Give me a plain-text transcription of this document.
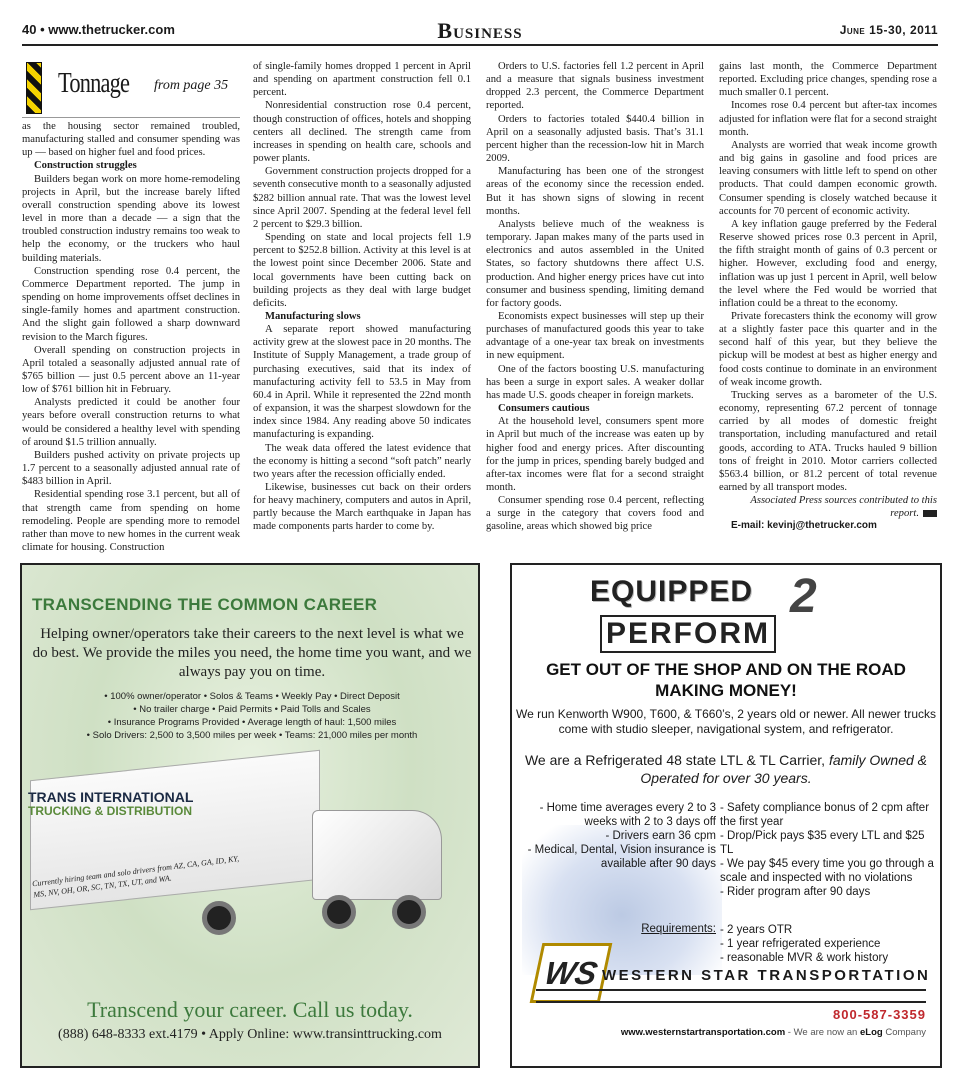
40 • www.thetrucker.com	Business	June 15-30, 2011
Tonnage from page 35

as the housing sector remained troubled, manufacturing stalled and consumer spending was up — based on higher fuel and food prices.

Construction struggles

Builders began work on more home-remodeling projects in April, but the increase barely lifted overall construction spending above its lowest level in more than a decade — a sign that the troubled construction industry remains too weak to help the economy, or the truckers who haul building materials.

Construction spending rose 0.4 percent, the Commerce Department reported. The jump in spending on home improvements offset declines in single-family homes and apartment construction. And the slight gain followed a sharp downward revision to the March figures.

Overall spending on construction projects in April totaled a seasonally adjusted annual rate of $765 billion — just 0.5 percent above an 11-year low of $761 billion hit in February.

Analysts predicted it could be another four years before overall construction returns to what would be considered a healthy level with spending of around $1.5 trillion annually.

Builders pushed activity on private projects up 1.7 percent to a seasonally adjusted annual rate of $483 billion in April.

Residential spending rose 3.1 percent, but all of that strength came from spending on home remodeling. People are spending more to remodel rather than move to new homes in the current weak climate for housing. Construction

of single-family homes dropped 1 percent in April and spending on apartment construction fell 0.1 percent.

Nonresidential construction rose 0.4 percent, though construction of offices, hotels and shopping centers all declined. The strength came from increases in spending on health care, schools and power plants.

Government construction projects dropped for a seventh consecutive month to a seasonally adjusted $282 billion annual rate. That was the lowest level since April 2007. Spending at the federal level fell 2 percent to $29.3 billion.

Spending on state and local projects fell 1.9 percent to $252.8 billion. Activity at this level is at the lowest point since December 2006. State and local governments have been cutting back on building projects as they deal with large budget deficits.

Manufacturing slows

A separate report showed manufacturing activity grew at the slowest pace in 20 months. The Institute of Supply Management, a trade group of purchasing executives, said that its index of manufacturing activity fell to 53.5 in May from 60.4 in April. While it represented the 22nd month of expansion, it was the sharpest slowdown for the index since 1984. Any reading above 50 indicates manufacturing is expanding.

The weak data offered the latest evidence that the economy is hitting a second “soft patch” nearly two years after the recession officially ended.

Likewise, businesses cut back on their orders for heavy machinery, computers and autos in April, partly because the March earthquake in Japan has made components parts harder to come by.

Orders to U.S. factories fell 1.2 percent in April and a measure that signals business investment dropped 2.3 percent, the Commerce Department reported.

Orders to factories totaled $440.4 billion in April on a seasonally adjusted basis. That’s 31.1 percent higher than the recession-low hit in March 2009.

Manufacturing has been one of the strongest areas of the economy since the recession ended. But it has shown signs of slowing in recent months.

Analysts believe much of the weakness is temporary. Japan makes many of the parts used in electronics and autos assembled in the United States, so factory shutdowns there affect U.S. production. And higher energy prices have cut into consumer and business spending, limiting demand for factory goods.

Economists expect businesses will step up their purchases of manufactured goods this year to take advantage of a one-year tax break on investments in new equipment.

One of the factors boosting U.S. manufacturing has been a surge in export sales. A weaker dollar has made U.S. goods cheaper in foreign markets.

Consumers cautious

At the household level, consumers spent more in April but much of the increase was eaten up by higher food and energy prices. After discounting for the jump in prices, spending barely budged and after-tax incomes were flat for a second straight month.

Consumer spending rose 0.4 percent, reflecting a surge in the category that covers food and gasoline, areas which showed big price

gains last month, the Commerce Department reported. Excluding price changes, spending rose a much smaller 0.1 percent.

Incomes rose 0.4 percent but after-tax incomes adjusted for inflation were flat for a second straight month.

Analysts are worried that weak income growth and big gains in gasoline and food prices are leaving consumers with little left to spend on other products. That could dampen economic growth. Consumer spending is closely watched because it accounts for 70 percent of economic activity.

A key inflation gauge preferred by the Federal Reserve showed prices rose 0.3 percent in April, the fifth straight month of gains of 0.3 percent or higher. However, excluding food and energy, inflation was up just 1 percent in April, well below the level where the Fed would be worried that inflation could be a threat to the economy.

Private forecasters think the economy will grow at a slightly faster pace this quarter and in the second half of this year, but they believe the pickup will be modest at best as higher energy and food costs continue to dominate in an environment of weak income growth.

Trucking serves as a barometer of the U.S. economy, representing 67.2 percent of tonnage carried by all modes of domestic freight transportation, including manufactured and retail goods, according to ATA. Trucks hauled 9 billion tons of freight in 2010. Motor carriers collected $563.4 billion, or 81.2 percent of total revenue earned by all transport modes.

Associated Press sources contributed to this report.

E-mail: kevinj@thetrucker.com

TRANSCENDING THE COMMON CAREER
Helping owner/operators take their careers to the next level is what we do best. We provide the miles you need, the home time you want, and we always pay you on time.
• 100% owner/operator • Solos & Teams • Weekly Pay • Direct Deposit
• No trailer charge • Paid Permits • Paid Tolls and Scales
• Insurance Programs Provided • Average length of haul: 1,500 miles
• Solo Drivers: 2,500 to 3,500 miles per week • Teams: 21,000 miles per month
TRANS INTERNATIONAL
TRUCKING & DISTRIBUTION
Currently hiring team and solo drivers from AZ, CA, GA, ID, KY, MS, NV, OH, OR, SC, TN, TX, UT, and WA.
Transcend your career. Call us today.
(888) 648-8333 ext.4179 • Apply Online: www.transinttrucking.com
EQUIPPED 2
PERFORM
GET OUT OF THE SHOP AND ON THE ROAD MAKING MONEY!
We run Kenworth W900, T600, & T660’s, 2 years old or newer. All newer trucks come with studio sleeper, navigational system, and refrigerator.
We are a Refrigerated 48 state LTL & TL Carrier, family Owned & Operated for over 30 years.
- Home time averages every 2 to 3 weeks with 2 to 3 days off
- Drivers earn 36 cpm
- Medical, Dental, Vision insurance is available after 90 days
- Safety compliance bonus of 2 cpm after the first year
- Drop/Pick pays $35 every LTL and $25 TL
- We pay $45 every time you go through a scale and inspected with no violations
- Rider program after 90 days
Requirements: - 2 years OTR
- 1 year refrigerated experience
- reasonable MVR & work history
WS WESTERN STAR TRANSPORTATION
800-587-3359
www.westernstartransportation.com - We are now an eLog Company
